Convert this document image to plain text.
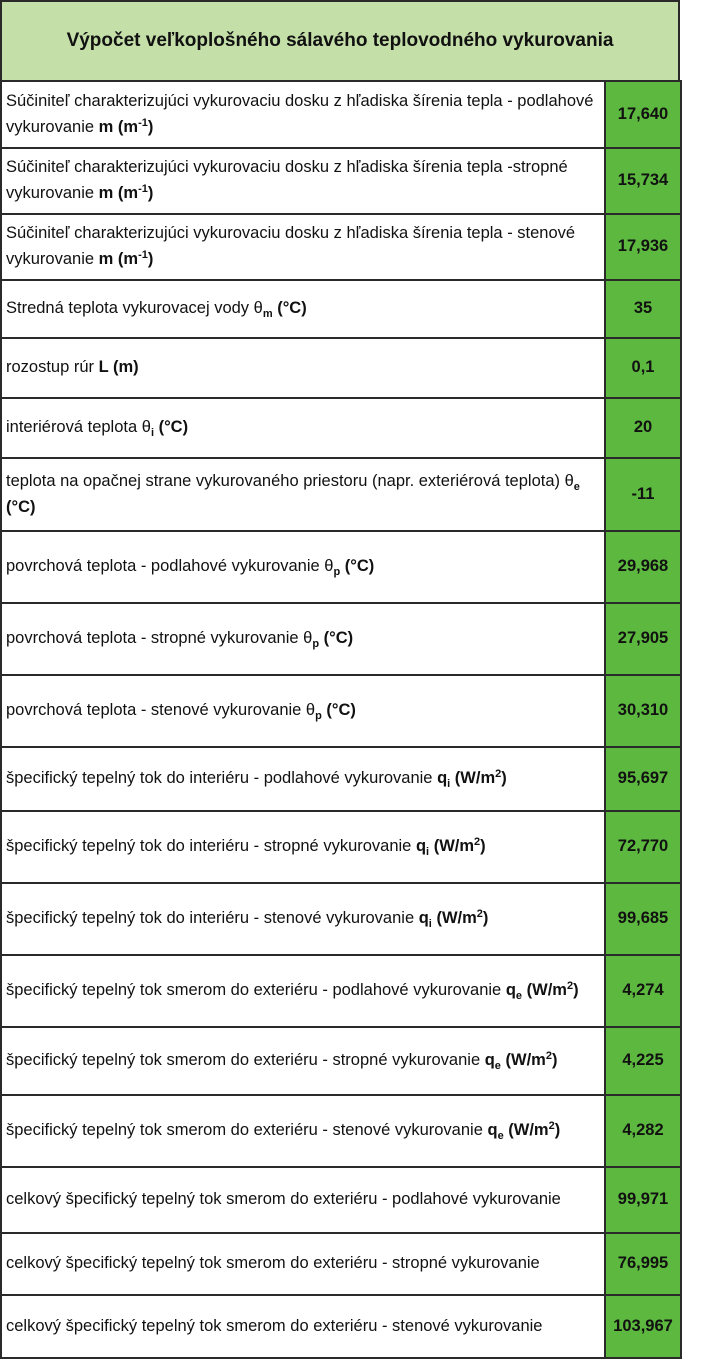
Výpočet veľkoplošného sálavého teplovodného vykurovania
Súčiniteľ charakterizujúci vykurovaciu dosku z hľadiska šírenia tepla - podlahové vykurovanie m $(m^{-1})$	17,640
Súčiniteľ charakterizujúci vykurovaciu dosku z hľadiska šírenia tepla -stropné vykurovanie m $(m^{-1})$	15,734
Súčiniteľ charakterizujúci vykurovaciu dosku z hľadiska šírenia tepla - stenové vykurovanie m $(m^{-1})$	17,936
Stredná teplota vykurovacej vody $\theta_m$ (°C)	35
rozostup rúr L (m)	0,1
interiérová teplota $\theta_i$ (°C)	20
teplota na opačnej strane vykurovaného priestoru (napr. exteriérová teplota) $\theta_e$ (°C)	-11
povrchová teplota - podlahové vykurovanie $\theta_p$ (°C)	29,968
povrchová teplota - stropné vykurovanie $\theta_p$ (°C)	27,905
povrchová teplota - stenové vykurovanie $\theta_p$ (°C)	30,310
špecifický tepelný tok do interiéru - podlahové vykurovanie $q_i$ $(W/m^2)$	95,697
špecifický tepelný tok do interiéru - stropné vykurovanie $q_i$ $(W/m^2)$	72,770
špecifický tepelný tok do interiéru - stenové vykurovanie $q_i$ $(W/m^2)$	99,685
špecifický tepelný tok smerom do exteriéru - podlahové vykurovanie $q_e$ $(W/m^2)$	4,274
špecifický tepelný tok smerom do exteriéru - stropné vykurovanie $q_e$ $(W/m^2)$	4,225
špecifický tepelný tok smerom do exteriéru - stenové vykurovanie $q_e$ $(W/m^2)$	4,282
celkový špecifický tepelný tok smerom do exteriéru - podlahové vykurovanie	99,971
celkový špecifický tepelný tok smerom do exteriéru - stropné vykurovanie	76,995
celkový špecifický tepelný tok smerom do exteriéru - stenové vykurovanie	103,967
